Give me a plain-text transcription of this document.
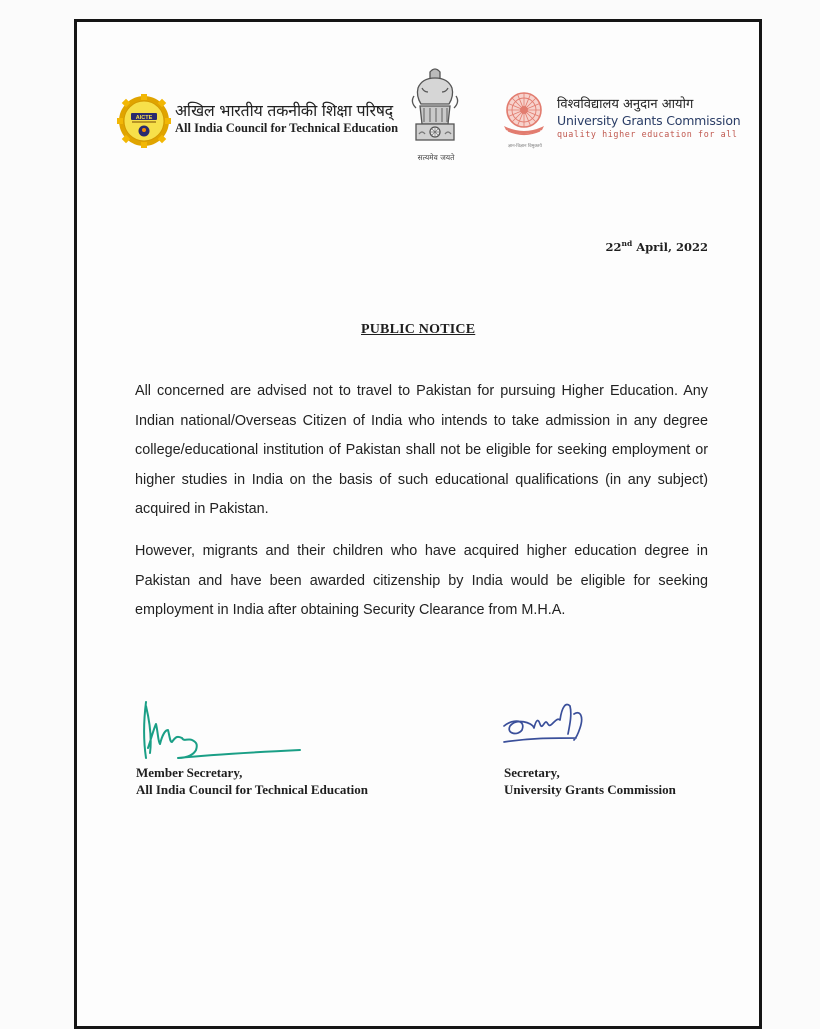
AICTE अखिल भारतीय तकनीकी शिक्षा परिषद्
All India Council for Technical Education
सत्यमेव जयते
ज्ञान-विज्ञान विमुक्तये
विश्वविद्यालय अनुदान आयोग
University Grants Commission
quality higher education for all
22nd April, 2022
PUBLIC NOTICE
All concerned are advised not to travel to Pakistan for pursuing Higher Education. Any Indian national/Overseas Citizen of India who intends to take admission in any degree college/educational institution of Pakistan shall not be eligible for seeking employment or higher studies in India on the basis of such educational qualifications (in any subject) acquired in Pakistan.
However, migrants and their children who have acquired higher education degree in Pakistan and have been awarded citizenship by India would be eligible for seeking employment in India after obtaining Security Clearance from M.H.A.
Member Secretary,
All India Council for Technical Education
Secretary,
University Grants Commission
